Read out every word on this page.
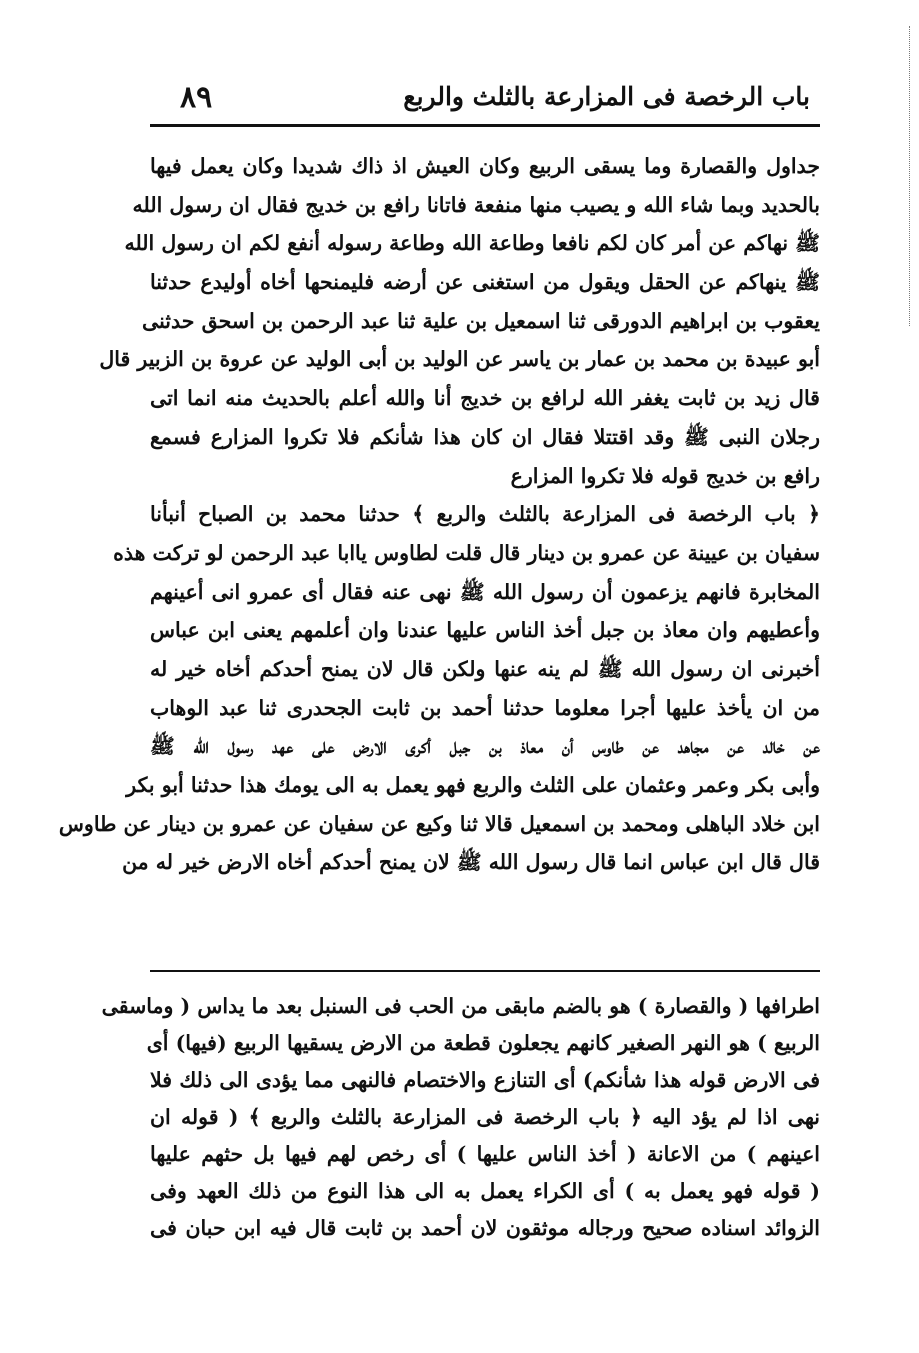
٨٩	باب الرخصة فى المزارعة بالثلث والربع
جداول والقصارة وما يسقى الربيع وكان العيش اذ ذاك شديدا وكان يعمل فيها
بالحديد وبما شاء الله و يصيب منها منفعة فاتانا رافع بن خديج فقال ان رسول الله
ﷺ نهاكم عن أمر كان لكم نافعا وطاعة الله وطاعة رسوله أنفع لكم ان رسول الله
ﷺ ينهاكم عن الحقل ويقول من استغنى عن أرضه فليمنحها أخاه أوليدع حدثنا
يعقوب بن ابراهيم الدورقى ثنا اسمعيل بن علية ثنا عبد الرحمن بن اسحق حدثنى
أبو عبيدة بن محمد بن عمار بن ياسر عن الوليد بن أبى الوليد عن عروة بن الزبير قال
قال زيد بن ثابت يغفر الله لرافع بن خديج أنا والله أعلم بالحديث منه انما اتى
رجلان النبى ﷺ وقد اقتتلا فقال ان كان هذا شأنكم فلا تكروا المزارع فسمع
رافع بن خديج قوله فلا تكروا المزارع
﴿ باب الرخصة فى المزارعة بالثلث والربع ﴾ حدثنا محمد بن الصباح أنبأنا
سفيان بن عيينة عن عمرو بن دينار قال قلت لطاوس ياابا عبد الرحمن لو تركت هذه
المخابرة فانهم يزعمون أن رسول الله ﷺ نهى عنه فقال أى عمرو انى أعينهم
وأعطيهم وان معاذ بن جبل أخذ الناس عليها عندنا وان أعلمهم يعنى ابن عباس
أخبرنى ان رسول الله ﷺ لم ينه عنها ولكن قال لان يمنح أحدكم أخاه خير له
من ان يأخذ عليها أجرا معلوما حدثنا أحمد بن ثابت الجحدرى ثنا عبد الوهاب
عن خالد عن مجاهد عن طاوس أن معاذ بن جبل أكرى الارض على عهد رسول الله ﷺ
وأبى بكر وعمر وعثمان على الثلث والربع فهو يعمل به الى يومك هذا حدثنا أبو بكر
ابن خلاد الباهلى ومحمد بن اسمعيل قالا ثنا وكيع عن سفيان عن عمرو بن دينار عن طاوس
قال قال ابن عباس انما قال رسول الله ﷺ لان يمنح أحدكم أخاه الارض خير له من
اطرافها ( والقصارة ) هو بالضم مابقى من الحب فى السنبل بعد ما يداس ( وماسقى
الربيع ) هو النهر الصغير كانهم يجعلون قطعة من الارض يسقيها الربيع (فيها) أى
فى الارض قوله هذا شأنكم) أى التنازع والاختصام فالنهى مما يؤدى الى ذلك فلا
نهى اذا لم يؤد اليه ﴿ باب الرخصة فى المزارعة بالثلث والربع ﴾ ( قوله ان
اعينهم ) من الاعانة ( أخذ الناس عليها ) أى رخص لهم فيها بل حثهم عليها
( قوله فهو يعمل به ) أى الكراء يعمل به الى هذا النوع من ذلك العهد وفى
الزوائد اسناده صحيح ورجاله موثقون لان أحمد بن ثابت قال فيه ابن حبان فى
